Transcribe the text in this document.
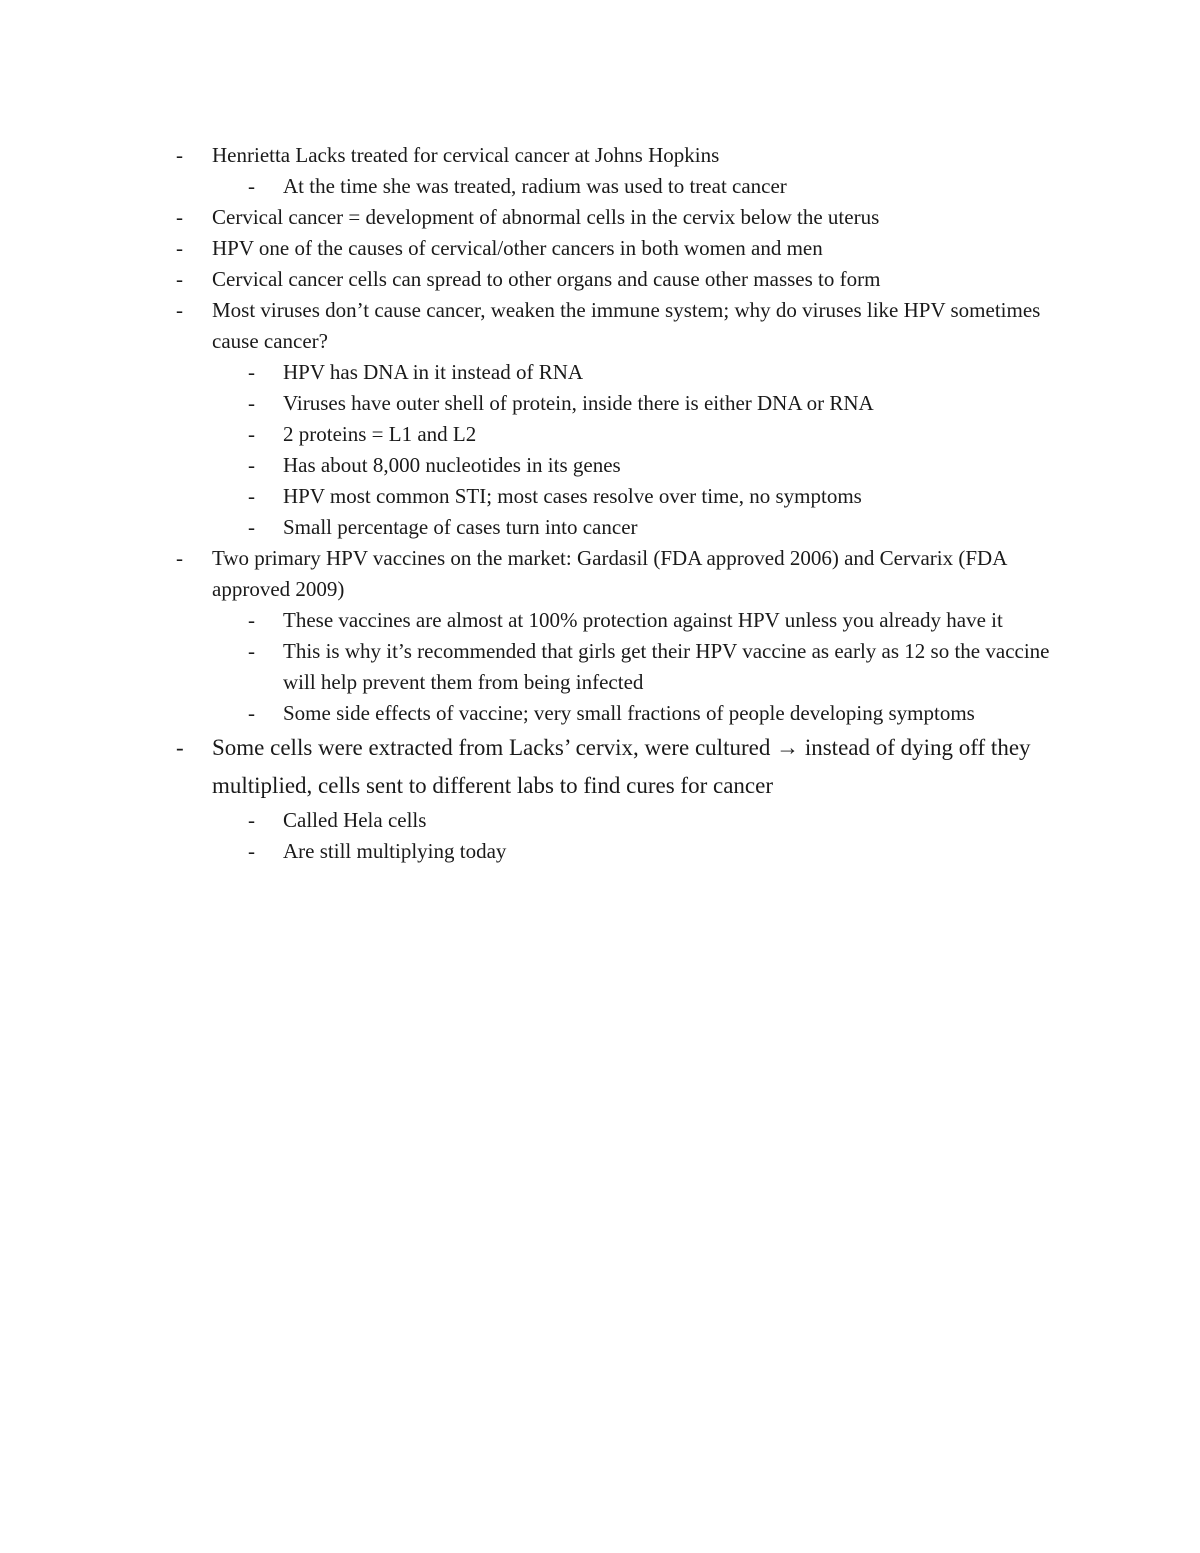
- Henrietta Lacks treated for cervical cancer at Johns Hopkins
- At the time she was treated, radium was used to treat cancer
- Cervical cancer = development of abnormal cells in the cervix below the uterus
- HPV one of the causes of cervical/other cancers in both women and men
- Cervical cancer cells can spread to other organs and cause other masses to form
- Most viruses don’t cause cancer, weaken the immune system; why do viruses like HPV sometimes cause cancer?
- HPV has DNA in it instead of RNA
- Viruses have outer shell of protein, inside there is either DNA or RNA
- 2 proteins = L1 and L2
- Has about 8,000 nucleotides in its genes
- HPV most common STI; most cases resolve over time, no symptoms
- Small percentage of cases turn into cancer
- Two primary HPV vaccines on the market: Gardasil (FDA approved 2006) and Cervarix (FDA approved 2009)
- These vaccines are almost at 100% protection against HPV unless you already have it
- This is why it’s recommended that girls get their HPV vaccine as early as 12 so the vaccine will help prevent them from being infected
- Some side effects of vaccine; very small fractions of people developing symptoms
- Some cells were extracted from Lacks’ cervix, were cultured → instead of dying off they multiplied, cells sent to different labs to find cures for cancer
- Called Hela cells
- Are still multiplying today
